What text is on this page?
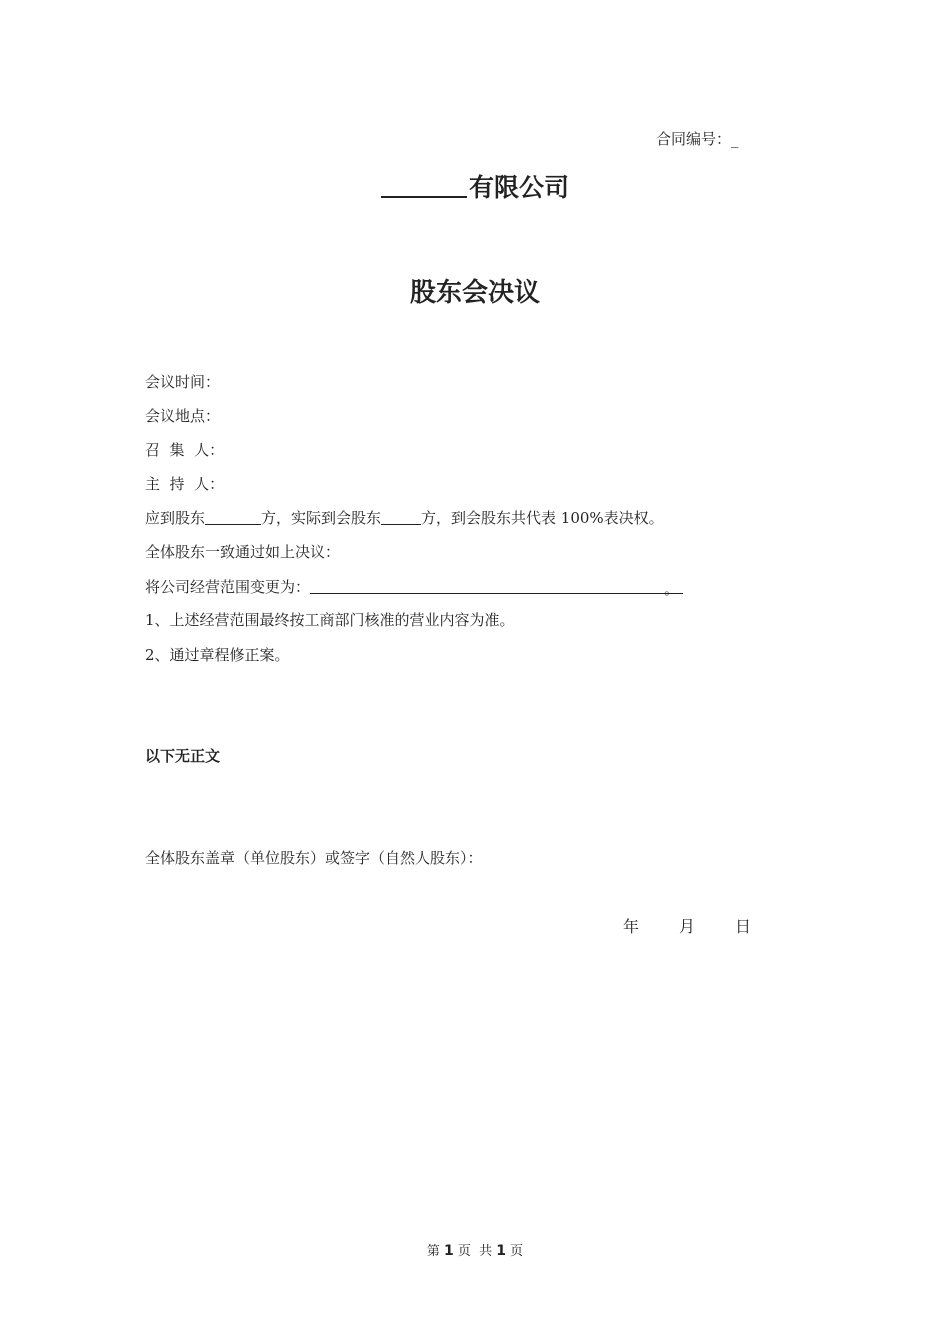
合同编号：_
有限公司
股东会决议
会议时间：
会议地点：
召  集  人：
主  持  人：
应到股东	方，实际到会股东	方，到会股东共代表 100%表决权。
全体股东一致通过如上决议：
将公司经营范围变更为：	。
1、上述经营范围最终按工商部门核准的营业内容为准。
2、通过章程修正案。
以下无正文
全体股东盖章（单位股东）或签字（自然人股东）：
年 月 日
第 1 页  共 1 页
